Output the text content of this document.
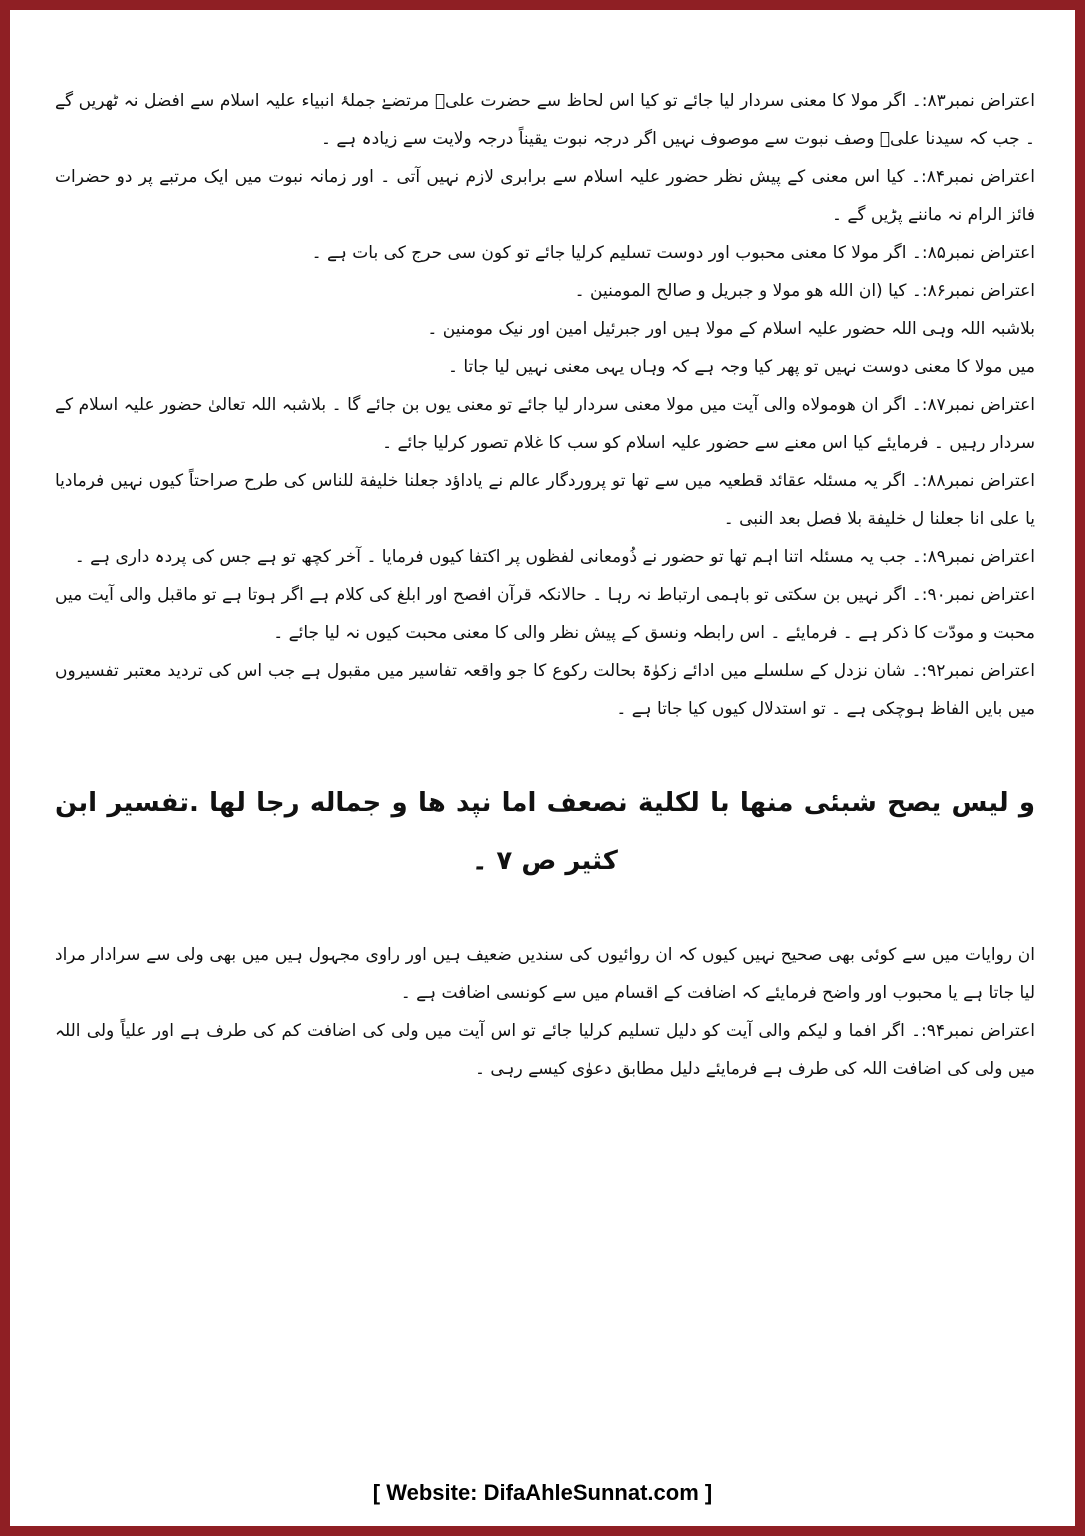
اعتراض نمبر۸۳:۔ اگر مولا کا معنی سردار لیا جائے تو کیا اس لحاظ سے حضرت علیؓ مرتضےٰ جملۂ انبیاء علیہ اسلام سے افضل نہ ٹھریں گے ۔ جب کہ سیدنا علیؓ وصف نبوت سے موصوف نہیں اگر درجہ نبوت یقیناً درجہ ولایت سے زیادہ ہے ۔

اعتراض نمبر۸۴:۔ کیا اس معنی کے پیش نظر حضور علیہ اسلام سے برابری لازم نہیں آتی ۔ اور زمانہ نبوت میں ایک مرتبے پر دو حضرات فائز الرام نہ ماننے پڑیں گے ۔

اعتراض نمبر۸۵:۔ اگر مولا کا معنی محبوب اور دوست تسلیم کرلیا جائے تو کون سی حرج کی بات ہے ۔

اعتراض نمبر۸۶:۔ کیا (ان الله هو مولا و جبریل و صالح المومنین ۔

بلاشبہ اللہ وہی اللہ حضور علیہ اسلام کے مولا ہیں اور جبرئیل امین اور نیک مومنین ۔

میں مولا کا معنی دوست نہیں تو پھر کیا وجہ ہے کہ وہاں یہی معنی نہیں لیا جاتا ۔

اعتراض نمبر۸۷:۔ اگر ان هومولاه والی آیت میں مولا معنی سردار لیا جائے تو معنی یوں بن جائے گا ۔ بلاشبہ اللہ تعالیٰ حضور علیہ اسلام کے سردار رہیں ۔ فرمایئے کیا اس معنے سے حضور علیہ اسلام کو سب کا غلام تصور کرلیا جائے ۔

اعتراض نمبر۸۸:۔ اگر یہ مسئلہ عقائد قطعیہ میں سے تھا تو پروردگار عالم نے یاداؤد جعلنا خلیفة للناس کی طرح صراحتاً کیوں نہیں فرمادیا یا علی انا جعلنا ل خلیفة بلا فصل بعد النبی ۔

اعتراض نمبر۸۹:۔ جب یہ مسئلہ اتنا اہم تھا تو حضور نے ذُومعانی لفظوں پر اکتفا کیوں فرمایا ۔ آخر کچھ تو ہے جس کی پردہ داری ہے ۔

اعتراض نمبر۹۰:۔ اگر نہیں بن سکتی تو باہمی ارتباط نہ رہا ۔ حالانکہ قرآن افصح اور ابلغ کی کلام ہے اگر ہوتا ہے تو ماقبل والی آیت میں محبت و مودّت کا ذکر ہے ۔ فرمایئے ۔ اس رابطہ ونسق کے پیش نظر والی کا معنی محبت کیوں نہ لیا جائے ۔

اعتراض نمبر۹۲:۔ شان نزدل کے سلسلے میں ادائے زکوٰۃ بحالت رکوع کا جو واقعہ تفاسیر میں مقبول ہے جب اس کی تردید معتبر تفسیروں میں بایں الفاظ ہوچکی ہے ۔ تو استدلال کیوں کیا جاتا ہے ۔

و ليس يصح شبئى منها با لكلية نصعف اما نپد ها و جماله رجا لها .تفسير ابن كثير ص ۷ ۔

ان روایات میں سے کوئی بھی صحیح نہیں کیوں کہ ان روائیوں کی سندیں ضعیف ہیں اور راوی مجہول ہیں میں بھی ولی سے سرادار مراد لیا جاتا ہے یا محبوب اور واضح فرمایئے کہ اضافت کے اقسام میں سے کونسی اضافت ہے ۔

اعتراض نمبر۹۴:۔ اگر افما و لیکم والی آیت کو دلیل تسلیم کرلیا جائے تو اس آیت میں ولی کی اضافت کم کی طرف ہے اور علیاً ولی اللہ میں ولی کی اضافت اللہ کی طرف ہے فرمایئے دلیل مطابق دعوٰی کیسے رہی ۔

[ Website: DifaAhleSunnat.com ]
